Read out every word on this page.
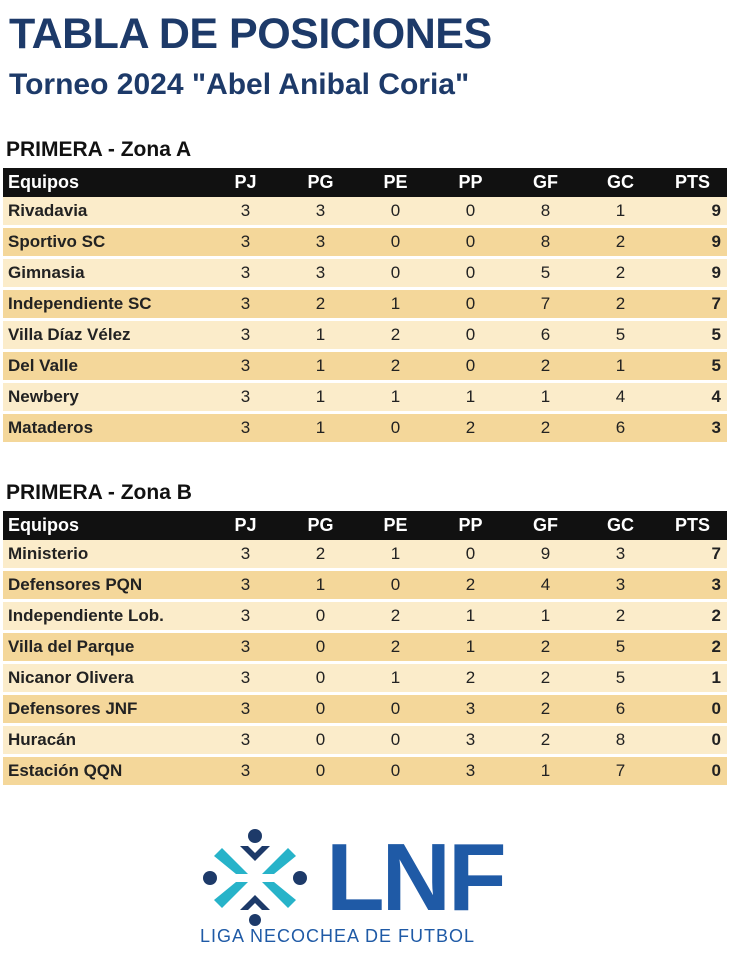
TABLA DE POSICIONES
Torneo 2024 "Abel Anibal Coria"
PRIMERA - Zona A
Equipos	PJ	PG	PE	PP	GF	GC	PTS
Rivadavia	3	3	0	0	8	1	9
Sportivo SC	3	3	0	0	8	2	9
Gimnasia	3	3	0	0	5	2	9
Independiente SC	3	2	1	0	7	2	7
Villa Díaz Vélez	3	1	2	0	6	5	5
Del Valle	3	1	2	0	2	1	5
Newbery	3	1	1	1	1	4	4
Mataderos	3	1	0	2	2	6	3
PRIMERA - Zona B
Equipos	PJ	PG	PE	PP	GF	GC	PTS
Ministerio	3	2	1	0	9	3	7
Defensores PQN	3	1	0	2	4	3	3
Independiente Lob.	3	0	2	1	1	2	2
Villa del Parque	3	0	2	1	2	5	2
Nicanor Olivera	3	0	1	2	2	5	1
Defensores JNF	3	0	0	3	2	6	0
Huracán	3	0	0	3	2	8	0
Estación QQN	3	0	0	3	1	7	0
LNF
LIGA NECOCHEA DE FUTBOL
